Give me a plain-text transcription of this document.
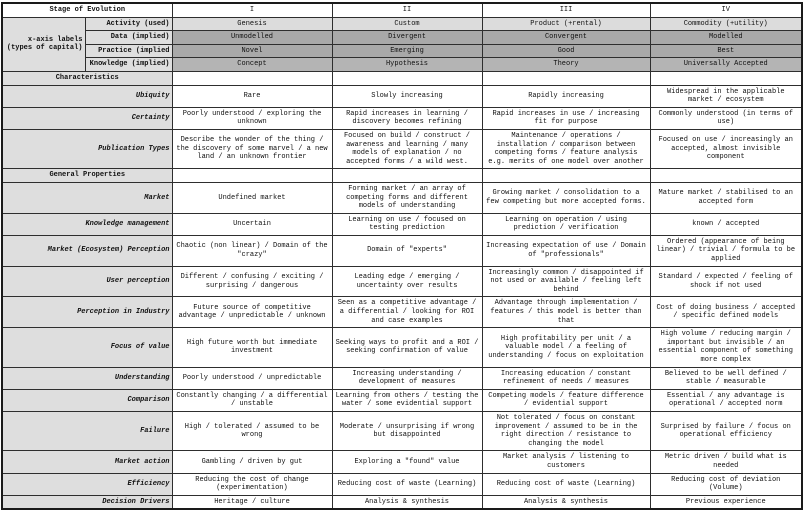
Stage of Evolution		I	II	III	IV
x-axis labels (types of capital)	Activity (used)	Genesis	Custom	Product (+rental)	Commodity (+utility)
	Data (implied)	Unmodelled	Divergent	Convergent	Modelled
	Practice (implied	Novel	Emerging	Good	Best
	Knowledge (implied)	Concept	Hypothesis	Theory	Universally Accepted
Characteristics					
Ubiquity		Rare	Slowly increasing	Rapidly increasing	Widespread in the applicable market / ecosystem
Certainty		Poorly understood / exploring the unknown	Rapid increases in learning / discovery becomes refining	Rapid increases in use / increasing fit for purpose	Commonly understood (in terms of use)
Publication Types		Describe the wonder of the thing / the discovery of some marvel / a new land / an unknown frontier	Focused on build / construct / awareness and learning / many models of explanation / no accepted forms / a wild west.	Maintenance / operations / installation / comparison between competing forms / feature analysis e.g. merits of one model over another	Focused on use / increasingly an accepted, almost invisible component
General Properties					
Market		Undefined market	Forming market / an array of competing forms and different models of understanding	Growing market / consolidation to a few competing but more accepted forms.	Mature market / stabilised to an accepted form
Knowledge management		Uncertain	Learning on use / focused on testing prediction	Learning on operation / using prediction / verification	known / accepted
Market (Ecosystem) Perception		Chaotic (non linear) / Domain of the "crazy"	Domain of "experts"	Increasing expectation of use / Domain of "professionals"	Ordered (appearance of being linear) / trivial / formula to be applied
User perception		Different / confusing / exciting / surprising / dangerous	Leading edge / emerging / uncertainty over results	Increasingly common / disappointed if not used or available / feeling left behind	Standard / expected / feeling of shock if not used
Perception in Industry		Future source of competitive advantage / unpredictable / unknown	Seen as a competitive advantage / a differential / looking for ROI and case examples	Advantage through implementation / features / this model is better than that	Cost of doing business / accepted / specific defined models
Focus of value		High future worth but immediate investment	Seeking ways to profit and a ROI / seeking confirmation of value	High profitability per unit / a valuable model / a feeling of understanding / focus on exploitation	High volume / reducing margin / important but invisible / an essential component of something more complex
Understanding		Poorly understood / unpredictable	Increasing understanding / development of measures	Increasing education / constant refinement of needs / measures	Believed to be well defined / stable / measurable
Comparison		Constantly changing / a differential / unstable	Learning from others / testing the water / some evidential support	Competing models / feature difference / evidential support	Essential / any advantage is operational / accepted norm
Failure		High / tolerated / assumed to be wrong	Moderate / unsurprising if wrong but disappointed	Not tolerated / focus on constant improvement / assumed to be in the right direction / resistance to changing the model	Surprised by failure / focus on operational efficiency
Market action		Gambling / driven by gut	Exploring a "found" value	Market analysis / listening to customers	Metric driven / build what is needed
Efficiency		Reducing the cost of change (experimentation)	Reducing cost of waste (Learning)	Reducing cost of waste (Learning)	Reducing cost of deviation (Volume)
Decision Drivers		Heritage / culture	Analysis & synthesis	Analysis & synthesis	Previous experience
